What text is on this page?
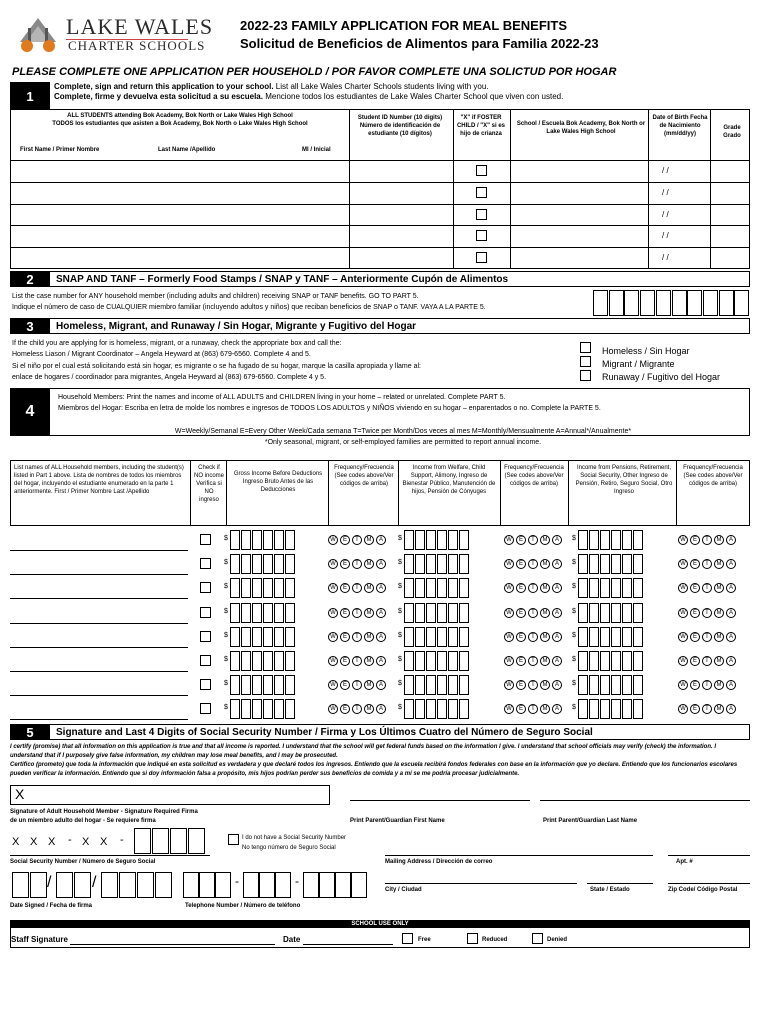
LAKE WALES
CHARTER SCHOOLS
2022-23 FAMILY APPLICATION FOR MEAL BENEFITS
Solicitud de Beneficios de Alimentos para Familia 2022-23
PLEASE COMPLETE ONE APPLICATION PER HOUSEHOLD / POR FAVOR COMPLETE UNA SOLICTUD POR HOGAR
1
Complete, sign and return this application to your school. List all Lake Wales Charter Schools students living with you.
Complete, firme y devuelva esta solicitud a su escuela. Mencione todos los estudiantes de Lake Wales Charter School que viven con usted.
ALL STUDENTS attending Bok Academy, Bok North or Lake Wales High School
TODOS los estudiantes que asisten a Bok Academy, Bok North o Lake Wales High School
First Name / Primer Nombre	Last Name /Apellido	MI / Inicial
Student ID Number (10 digits) Número de identificación de estudiante (10 dígitos)
"X" if FOSTER CHILD / "X" si es hijo de crianza
School / Escuela Bok Academy, Bok North or Lake Wales High School
Date of Birth Fecha de Nacimiento (mm/dd/yy)
Grade Grado
/ /
/ /
/ /
/ /
/ /
2	SNAP AND TANF – Formerly Food Stamps / SNAP y TANF – Anteriormente Cupón de Alimentos
List the case number for ANY household member (including adults and children) receiving SNAP or TANF benefits. GO TO PART 5.
Indique el número de caso de CUALQUIER miembro familiar (incluyendo adultos y niños) que reciban beneficios de SNAP o TANF. VAYA A LA PARTE 5.
3	Homeless, Migrant, and Runaway / Sin Hogar, Migrante y Fugitivo del Hogar
If the child you are applying for is homeless, migrant, or a runaway, check the appropriate box and call the:
Homeless Liason / Migrant Coordinator – Angela Heyward at (863) 679-6560. Complete 4 and 5.
Si el niño por el cual está solicitando está sin hogar, es migrante o se ha fugado de su hogar, marque la casilla apropiada y llame al:
enlace de hogares / coordinador para migrantes, Angela Heyward al (863) 679-6560. Complete 4 y 5.
Homeless / Sin Hogar
Migrant / Migrante
Runaway / Fugitivo del Hogar
4
Household Members: Print the names and income of ALL ADULTS and CHILDREN living in your home – related or unrelated. Complete PART 5.
Miembros del Hogar: Escriba en letra de molde los nombres e ingresos de TODOS LOS ADULTOS y NIÑOS viviendo en su hogar – enparentados o no. Complete la PARTE 5.
W=Weekly/Semanal E=Every Other Week/Cada semana T=Twice per Month/Dos veces al mes M=Monthly/Mensualmente A=Annual*/Anualmente*
*Only seasonal, migrant, or self-employed families are permitted to report annual income.
List names of ALL Household members, including the student(s) listed in Part 1 above. Lista de nombres de todos los miembros del hogar, incluyendo el estudiante enumerado en la parte 1 anteriormente. First / Primer Nombre Last /Apellido
Check if NO income Verifica si NO ingreso
Gross Income Before Deductions Ingreso Bruto Antes de las Deducciones
Frequency/Frecuencia (See codes above/Ver códigos de arriba)
Income from Welfare, Child Support, Alimony, Ingreso de Bienestar Público, Manutención de hijos, Pensión de Cónyuges
Frequency/Frecuencia (See codes above/Ver códigos de arriba)
Income from Pensions, Retirement, Social Security, Other Ingreso de Pensión, Retiro, Seguro Social, Otro Ingreso
Frequency/Frecuencia (See codes above/Ver códigos de arriba)
$	W	E	T	M	A	$	W	E	T	M	A	$	W	E	T	M	A
$	W	E	T	M	A	$	W	E	T	M	A	$	W	E	T	M	A
$	W	E	T	M	A	$	W	E	T	M	A	$	W	E	T	M	A
$	W	E	T	M	A	$	W	E	T	M	A	$	W	E	T	M	A
$	W	E	T	M	A	$	W	E	T	M	A	$	W	E	T	M	A
$	W	E	T	M	A	$	W	E	T	M	A	$	W	E	T	M	A
$	W	E	T	M	A	$	W	E	T	M	A	$	W	E	T	M	A
$	W	E	T	M	A	$	W	E	T	M	A	$	W	E	T	M	A
5	Signature and Last 4 Digits of Social Security Number / Firma y Los Últimos Cuatro del Número de Seguro Social
I certify (promise) that all information on this application is true and that all income is reported. I understand that the school will get federal funds based on the information I give. I understand that school officials may verify (check) the information. I understand that if I purposely give false information, my children may lose meal benefits, and I may be prosecuted.
Certifico (prometo) que toda la información que indiqué en esta solicitud es verdadera y que declaré todos los ingresos. Entiendo que la escuela recibirá fondos federales con base en la información que yo declare. Entiendo que los funcionarios escolares pueden verificar la información. Entiendo que si doy información falsa a propósito, mis hijos podrían perder sus beneficios de comida y a mí se me podría procesar judicialmente.
X
Signature of Adult Household Member - Signature Required Firma
de un miembro adulto del hogar - Se requiere firma	Print Parent/Guardian First Name	Print Parent/Guardian Last Name
X X X - X X -	I do not have a Social Security Number
No tengo número de Seguro Social
Social Security Number / Número de Seguro Social	Mailing Address / Dirección de correo	Apt. #
/	/	-	-
City / Ciudad	State / Estado	Zip Code/ Código Postal
Date Signed / Fecha de firma	Telephone Number / Número de teléfono
SCHOOL USE ONLY
Staff Signature	Date	Free	Reduced	Denied
